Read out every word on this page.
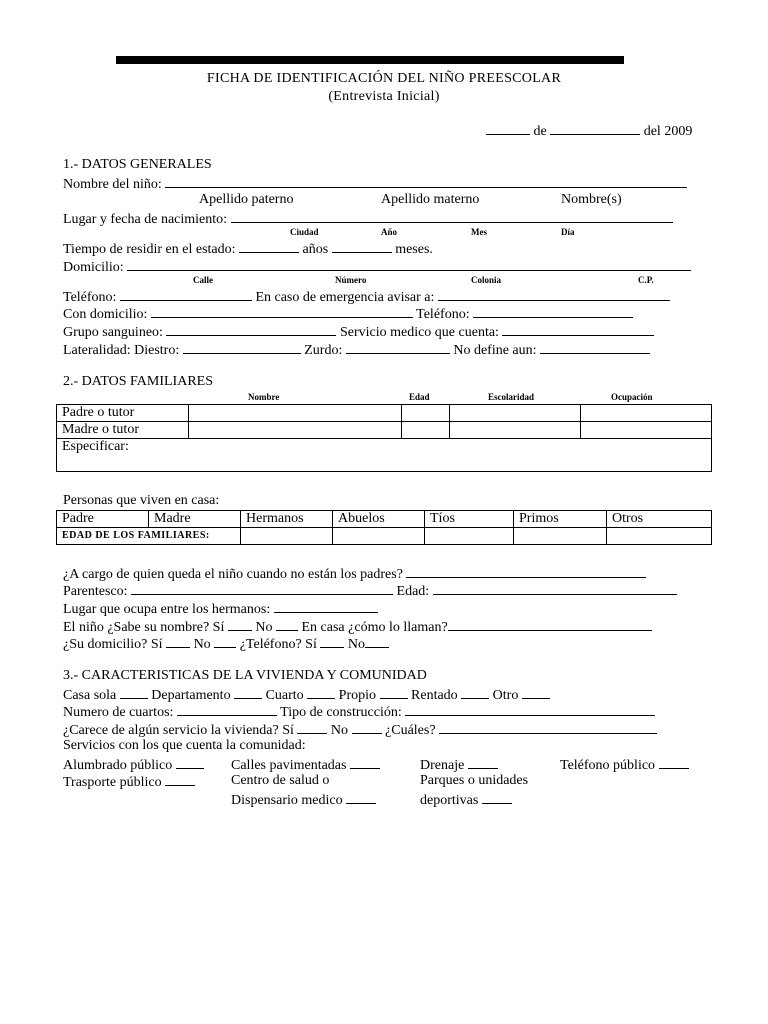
FICHA DE IDENTIFICACIÓN DEL NIÑO PREESCOLAR
(Entrevista Inicial)
de	del 2009
1.- DATOS GENERALES
Nombre del niño:
Apellido paterno	Apellido materno	Nombre(s)
Lugar y fecha de nacimiento:
Ciudad	Año	Mes	Día
Tiempo de residir en el estado:	años	meses.
Domicilio:
Calle	Número	Colonia	C.P.
Teléfono:	En caso de emergencia avisar a:
Con domicilio:	Teléfono:
Grupo sanguineo:	Servicio medico que cuenta:
Lateralidad: Diestro:	Zurdo:	No define aun:
2.- DATOS FAMILIARES
Nombre	Edad	Escolaridad	Ocupación
Padre o tutor				
Madre o tutor				
Especificar:				
Personas que viven en casa:
Padre	Madre	Hermanos	Abuelos	Tíos	Primos	Otros
EDAD DE LOS FAMILIARES:						
¿A cargo de quien queda el niño cuando no están los padres?
Parentesco:	Edad:
Lugar que ocupa entre los hermanos:
El niño ¿Sabe su nombre? Sí No En casa ¿cómo lo llaman?
¿Su domicilio? Sí No ¿Teléfono? Sí No
3.- CARACTERISTICAS DE LA VIVIENDA Y COMUNIDAD
Casa sola	Departamento	Cuarto	Propio	Rentado	Otro
Numero de cuartos:	Tipo de construcción:
¿Carece de algún servicio la vivienda? Sí	No	¿Cuáles?
Servicios con los que cuenta la comunidad:
Alumbrado público
Trasporte público
Calles pavimentadas
Centro de salud o
Dispensario medico
Drenaje
Parques o unidades
deportivas
Teléfono público
